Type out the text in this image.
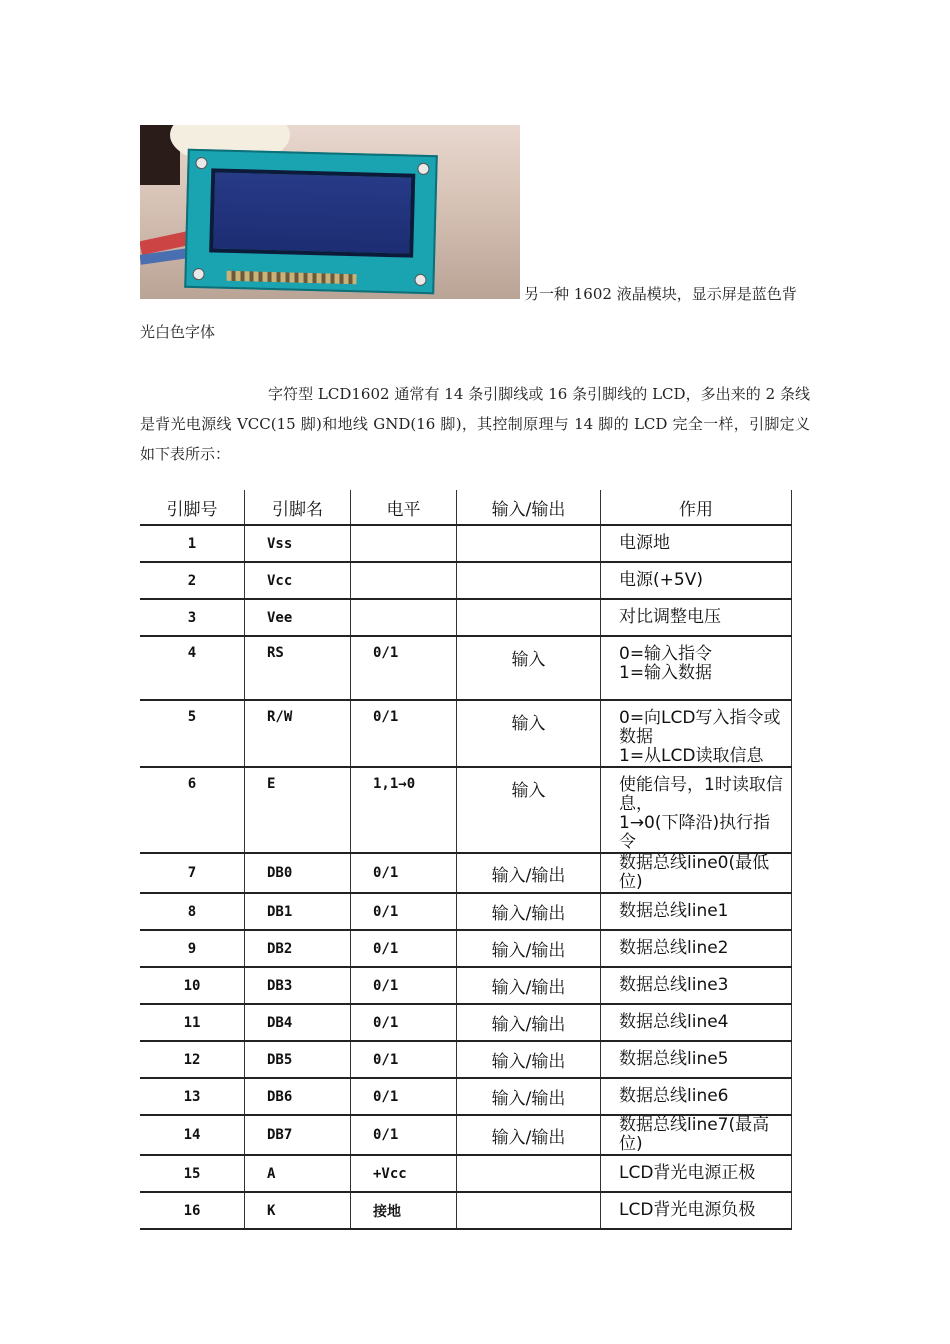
另一种 1602 液晶模块，显示屏是蓝色背
光白色字体
字符型 LCD1602 通常有 14 条引脚线或 16 条引脚线的 LCD，多出来的 2 条线是背光电源线 VCC(15 脚)和地线 GND(16 脚)，其控制原理与 14 脚的 LCD 完全一样，引脚定义如下表所示：
引脚号	引脚名	电平	输入/输出	作用
1	Vss			电源地

2	Vcc			电源(+5V)

3	Vee			对比调整电压

4	RS	0/1	输入	0=输入指令
1=输入数据

5	R/W	0/1	输入	0=向LCD写入指令或数据
1=从LCD读取信息

6	E	1,1→0	输入	使能信号，1时读取信息，
1→0(下降沿)执行指令

7	DB0	0/1	输入/输出	数据总线line0(最低位)

8	DB1	0/1	输入/输出	数据总线line1

9	DB2	0/1	输入/输出	数据总线line2

10	DB3	0/1	输入/输出	数据总线line3

11	DB4	0/1	输入/输出	数据总线line4

12	DB5	0/1	输入/输出	数据总线line5

13	DB6	0/1	输入/输出	数据总线line6

14	DB7	0/1	输入/输出	数据总线line7(最高位)

15	A	+Vcc		LCD背光电源正极

16	K	接地		LCD背光电源负极
